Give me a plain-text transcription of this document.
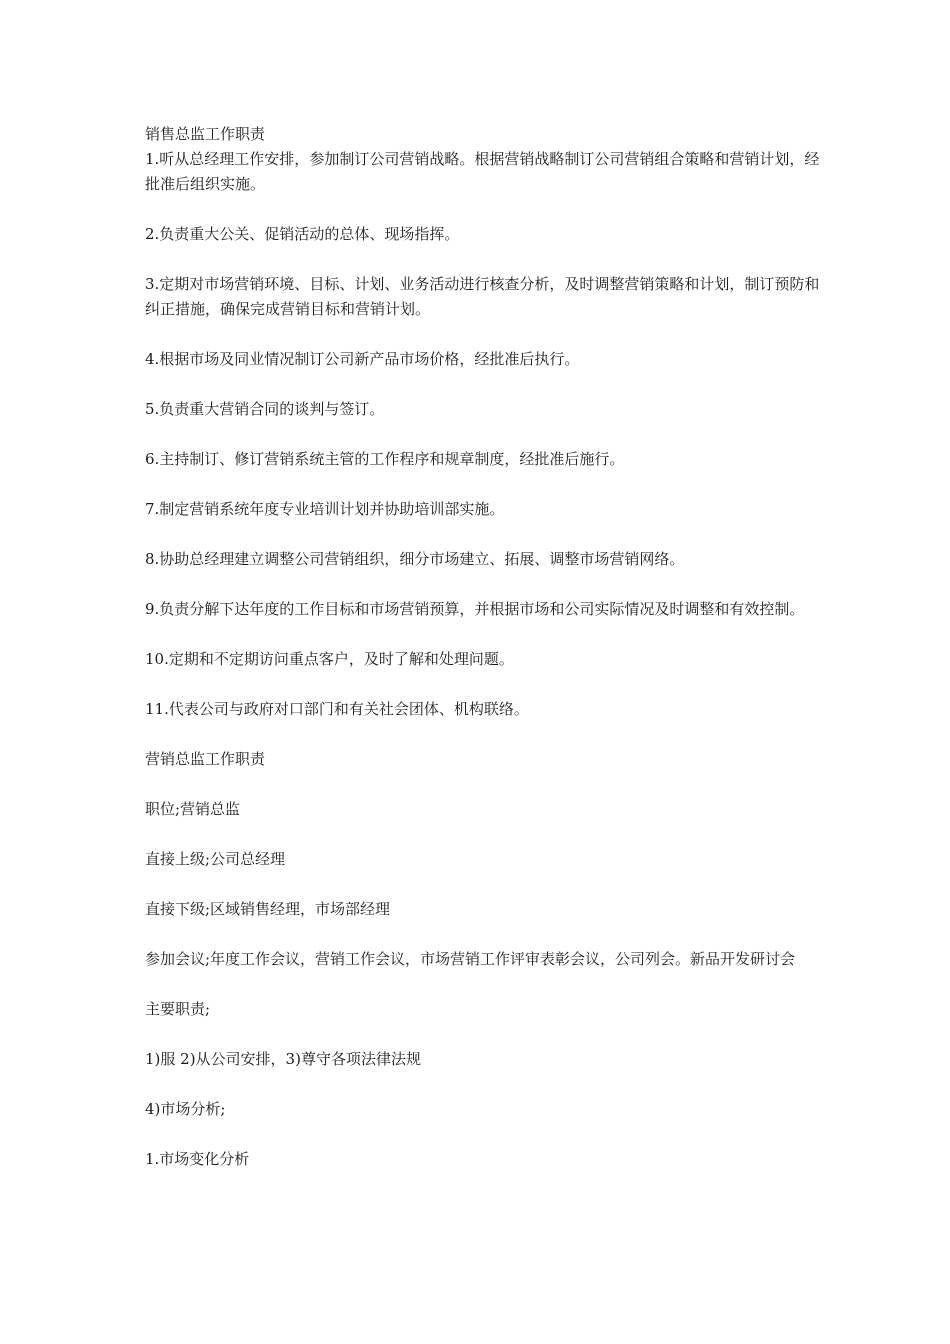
销售总监工作职责

1.听从总经理工作安排，参加制订公司营销战略。根据营销战略制订公司营销组合策略和营销计划，经批准后组织实施。

2.负责重大公关、促销活动的总体、现场指挥。

3.定期对市场营销环境、目标、计划、业务活动进行核查分析，及时调整营销策略和计划，制订预防和纠正措施，确保完成营销目标和营销计划。

4.根据市场及同业情况制订公司新产品市场价格，经批准后执行。

5.负责重大营销合同的谈判与签订。

6.主持制订、修订营销系统主管的工作程序和规章制度，经批准后施行。

7.制定营销系统年度专业培训计划并协助培训部实施。

8.协助总经理建立调整公司营销组织，细分市场建立、拓展、调整市场营销网络。

9.负责分解下达年度的工作目标和市场营销预算，并根据市场和公司实际情况及时调整和有效控制。

10.定期和不定期访问重点客户，及时了解和处理问题。

11.代表公司与政府对口部门和有关社会团体、机构联络。

营销总监工作职责

职位;营销总监

直接上级;公司总经理

直接下级;区域销售经理，市场部经理

参加会议;年度工作会议，营销工作会议，市场营销工作评审表彰会议，公司列会。新品开发研讨会

主要职责;

1)服 2)从公司安排，3)尊守各项法律法规

4)市场分析;

1.市场变化分析
